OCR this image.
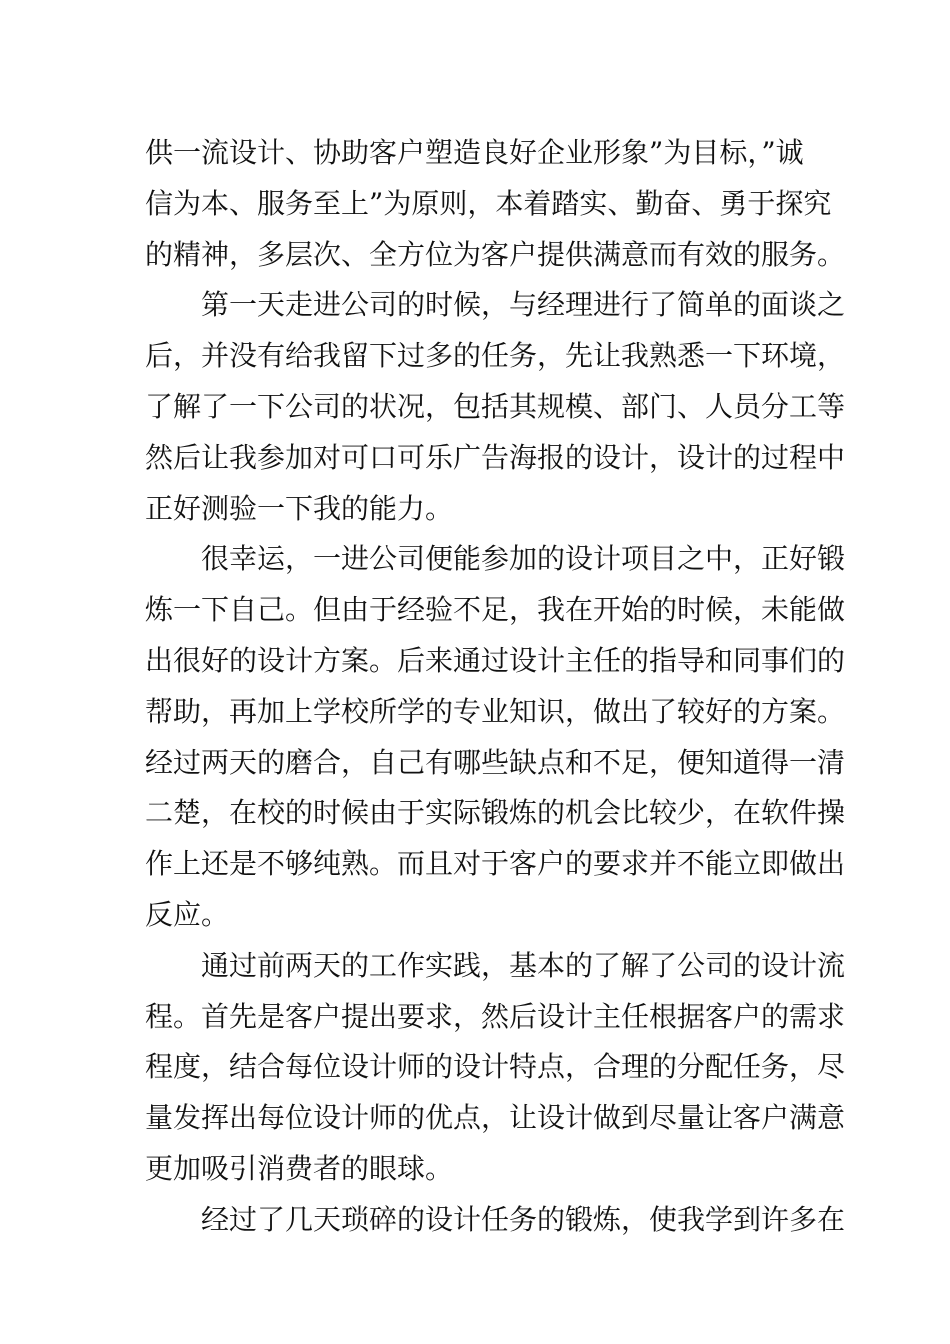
供一流设计、协助客户塑造良好企业形象”为目标，”诚
信为本、服务至上”为原则，本着踏实、勤奋、勇于探究
的精神，多层次、全方位为客户提供满意而有效的服务。
第一天走进公司的时候，与经理进行了简单的面谈之
后，并没有给我留下过多的任务，先让我熟悉一下环境，
了解了一下公司的状况，包括其规模、部门、人员分工等
然后让我参加对可口可乐广告海报的设计，设计的过程中
正好测验一下我的能力。
很幸运，一进公司便能参加的设计项目之中，正好锻
炼一下自己。但由于经验不足，我在开始的时候，未能做
出很好的设计方案。后来通过设计主任的指导和同事们的
帮助，再加上学校所学的专业知识，做出了较好的方案。
经过两天的磨合，自己有哪些缺点和不足，便知道得一清
二楚，在校的时候由于实际锻炼的机会比较少，在软件操
作上还是不够纯熟。而且对于客户的要求并不能立即做出
反应。
通过前两天的工作实践，基本的了解了公司的设计流
程。首先是客户提出要求，然后设计主任根据客户的需求
程度，结合每位设计师的设计特点，合理的分配任务，尽
量发挥出每位设计师的优点，让设计做到尽量让客户满意
更加吸引消费者的眼球。
经过了几天琐碎的设计任务的锻炼，使我学到许多在
